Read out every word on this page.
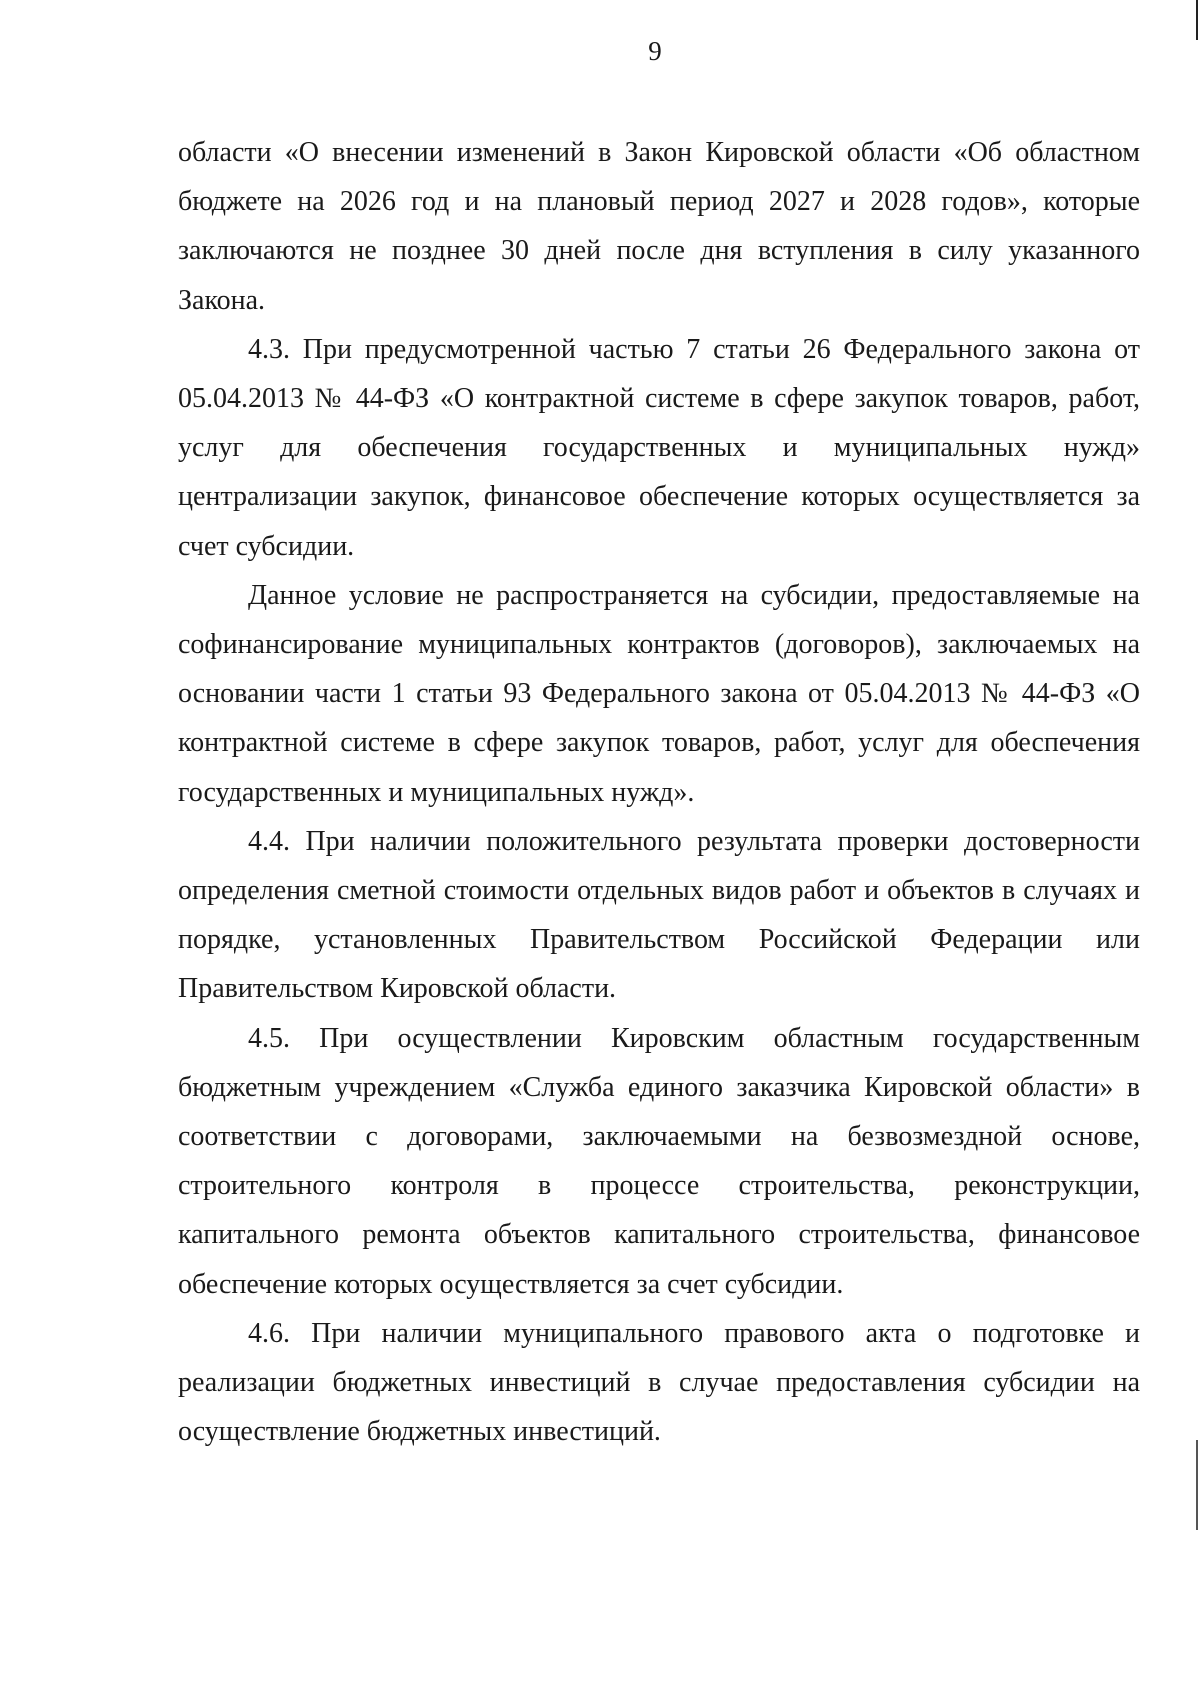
9

области «О внесении изменений в Закон Кировской области «Об областном бюджете на 2026 год и на плановый период 2027 и 2028 годов», которые заключаются не позднее 30 дней после дня вступления в силу указанного Закона.

4.3. При предусмотренной частью 7 статьи 26 Федерального закона от 05.04.2013 № 44-ФЗ «О контрактной системе в сфере закупок товаров, работ, услуг для обеспечения государственных и муниципальных нужд» централизации закупок, финансовое обеспечение которых осуществляется за счет субсидии.

Данное условие не распространяется на субсидии, предоставляемые на софинансирование муниципальных контрактов (договоров), заключаемых на основании части 1 статьи 93 Федерального закона от 05.04.2013 № 44-ФЗ «О контрактной системе в сфере закупок товаров, работ, услуг для обеспечения государственных и муниципальных нужд».

4.4. При наличии положительного результата проверки достоверности определения сметной стоимости отдельных видов работ и объектов в случаях и порядке, установленных Правительством Российской Федерации или Правительством Кировской области.

4.5. При осуществлении Кировским областным государственным бюджетным учреждением «Служба единого заказчика Кировской области» в соответствии с договорами, заключаемыми на безвозмездной основе, строительного контроля в процессе строительства, реконструкции, капитального ремонта объектов капитального строительства, финансовое обеспечение которых осуществляется за счет субсидии.

4.6. При наличии муниципального правового акта о подготовке и реализации бюджетных инвестиций в случае предоставления субсидии на осуществление бюджетных инвестиций.
